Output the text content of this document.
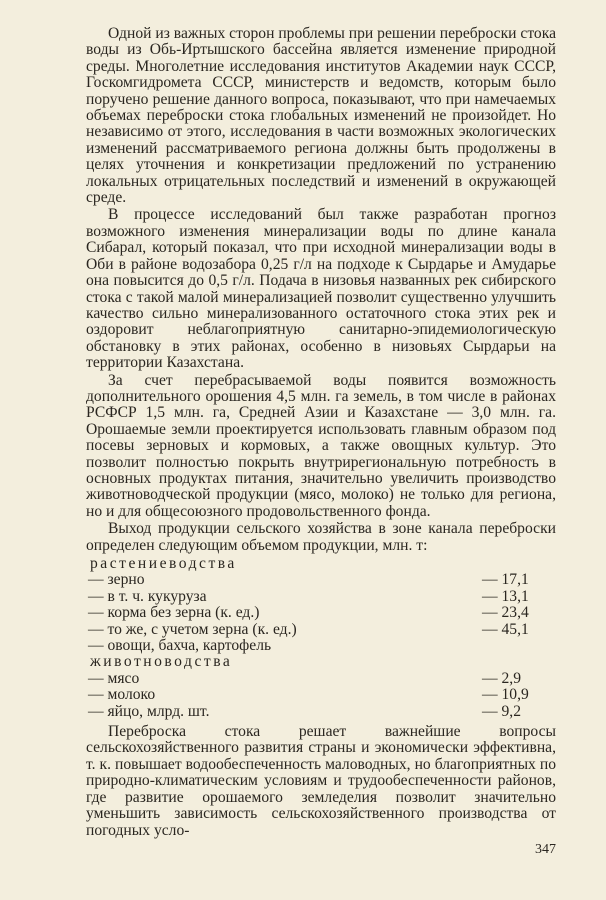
Одной из важных сторон проблемы при решении переброски стока воды из Обь-Иртышского бассейна является изменение природной среды. Многолетние исследования институтов Академии наук СССР, Госкомгидромета СССР, министерств и ведомств, которым было поручено решение данного вопроса, показывают, что при намечаемых объемах переброски стока глобальных изменений не произойдет. Но независимо от этого, исследования в части возможных экологических изменений рассматриваемого региона должны быть продолжены в целях уточнения и конкретизации предложений по устранению локальных отрицательных последствий и изменений в окружающей среде.

В процессе исследований был также разработан прогноз возможного изменения минерализации воды по длине канала Сибарал, который показал, что при исходной минерализации воды в Оби в районе водозабора 0,25 г/л на подходе к Сырдарье и Амударье она повысится до 0,5 г/л. Подача в низовья названных рек сибирского стока с такой малой минерализацией позволит существенно улучшить качество сильно минерализованного остаточного стока этих рек и оздоровит неблагоприятную санитарно-эпидемиологическую обстановку в этих районах, особенно в низовьях Сырдарьи на территории Казахстана.

За счет перебрасываемой воды появится возможность дополнительного орошения 4,5 млн. га земель, в том числе в районах РСФСР 1,5 млн. га, Средней Азии и Казахстане — 3,0 млн. га. Орошаемые земли проектируется использовать главным образом под посевы зерновых и кормовых, а также овощных культур. Это позволит полностью покрыть внутрирегиональную потребность в основных продуктах питания, значительно увеличить производство животноводческой продукции (мясо, молоко) не только для региона, но и для общесоюзного продовольственного фонда.

Выход продукции сельского хозяйства в зоне канала переброски определен следующим объемом продукции, млн. т:

растениеводства
— зерно	— 17,1
— в т. ч. кукуруза	— 13,1
— корма без зерна (к. ед.)	— 23,4
— то же, с учетом зерна (к. ед.)	— 45,1
— овощи, бахча, картофель
животноводства
— мясо	— 2,9
— молоко	— 10,9
— яйцо, млрд. шт.	— 9,2

Переброска стока решает важнейшие вопросы сельскохозяйственного развития страны и экономически эффективна, т. к. повышает водообеспеченность маловодных, но благоприятных по природно-климатическим условиям и трудообеспеченности районов, где развитие орошаемого земледелия позволит значительно уменьшить зависимость сельскохозяйственного производства от погодных усло-

347
